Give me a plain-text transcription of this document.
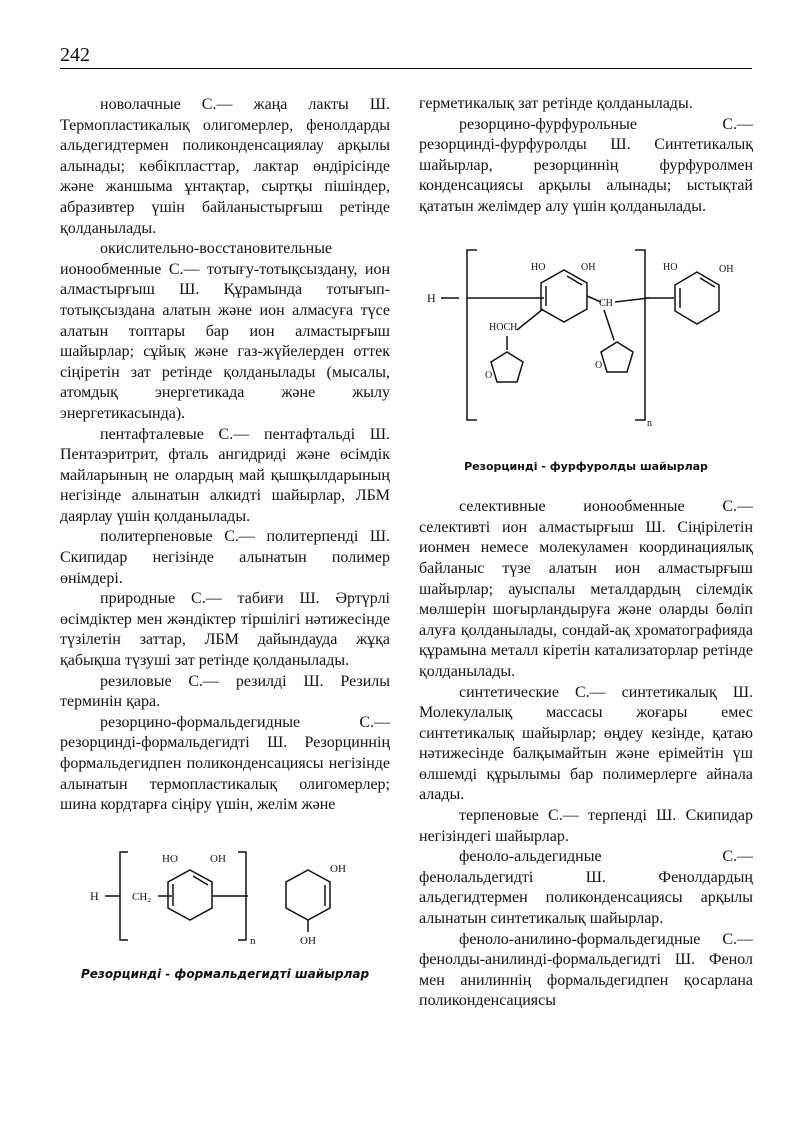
242

новолачные С.— жаңа лакты Ш. Термопластикалық олигомерлер, фенолдарды альдегидтермен поликонденсациялау арқылы алынады; көбікпласттар, лактар өндірісінде және жаншыма ұнтақтар, сыртқы пішіндер, абразивтер үшін байланыстырғыш ретінде қолданылады.

окислительно-восстановительные ионообменные С.— тотығу-тотықсыздану, ион алмастырғыш Ш. Құрамында тотығып-тотықсыздана алатын және ион алмасуға түсе алатын топтары бар ион алмастырғыш шайырлар; сұйық және газ-жүйелерден оттек сіңіретін зат ретінде қолданылады (мысалы, атомдық энергетикада және жылу энергетикасында).

пентафталевые С.— пентафтальді Ш. Пентаэритрит, фталь ангидриді және өсімдік майларының не олардың май қышқылдарының негізінде алынатын алкидті шайырлар, ЛБМ даярлау үшін қолданылады.

политерпеновые С.— политерпенді Ш. Скипидар негізінде алынатын полимер өнімдері.

природные С.— табиғи Ш. Әртүрлі өсімдіктер мен жәндіктер тіршілігі нәтижесінде түзілетін заттар, ЛБМ дайындауда жұқа қабықша түзуші зат ретінде қолданылады.

резиловые С.— резилді Ш. Резилы терминін қара.

резорцино-формальдегидные С.— резорцинді-формальдегидті Ш. Резорциннің формальдегидпен поликонденсациясы негізінде алынатын термопластикалық олигомерлер; шина кордтарға сіңіру үшін, желім және

H	CH₂
HO	OH
n
OH
OH
Резорцинді - формальдегидті шайырлар

герметикалық зат ретінде қолданылады.

резорцино-фурфурольные С.— резорцинді-фурфуролды Ш. Синтетикалық шайырлар, резорциннің фурфуролмен конденсациясы арқылы алынады; ыстықтай қататын желімдер алу үшін қолданылады.

H
HO	OH
CH
O
HOCH
O
n
HO	OH
Резорцинді - фурфуролды шайырлар

селективные ионообменные С.— селективті ион алмастырғыш Ш. Сіңірілетін ионмен немесе молекуламен координациялық байланыс түзе алатын ион алмастырғыш шайырлар; ауыспалы металдардың сілемдік мөлшерін шоғырландыруға және оларды бөліп алуға қолданылады, сондай-ақ хроматографияда құрамына металл кіретін катализаторлар ретінде қолданылады.

синтетические С.— синтетикалық Ш. Молекулалық массасы жоғары емес синтетикалық шайырлар; өңдеу кезінде, қатаю нәтижесінде балқымайтын және ерімейтін үш өлшемді құрылымы бар полимерлерге айнала алады.

терпеновые С.— терпенді Ш. Скипидар негізіндегі шайырлар.

феноло-альдегидные С.— фенолальдегидті Ш. Фенолдардың альдегидтермен поликонденсациясы арқылы алынатын синтетикалық шайырлар.

феноло-анилино-формальдегидные С.— фенолды-анилинді-формальдегидті Ш. Фенол мен анилиннің формальдегидпен қосарлана поликонденсациясы
